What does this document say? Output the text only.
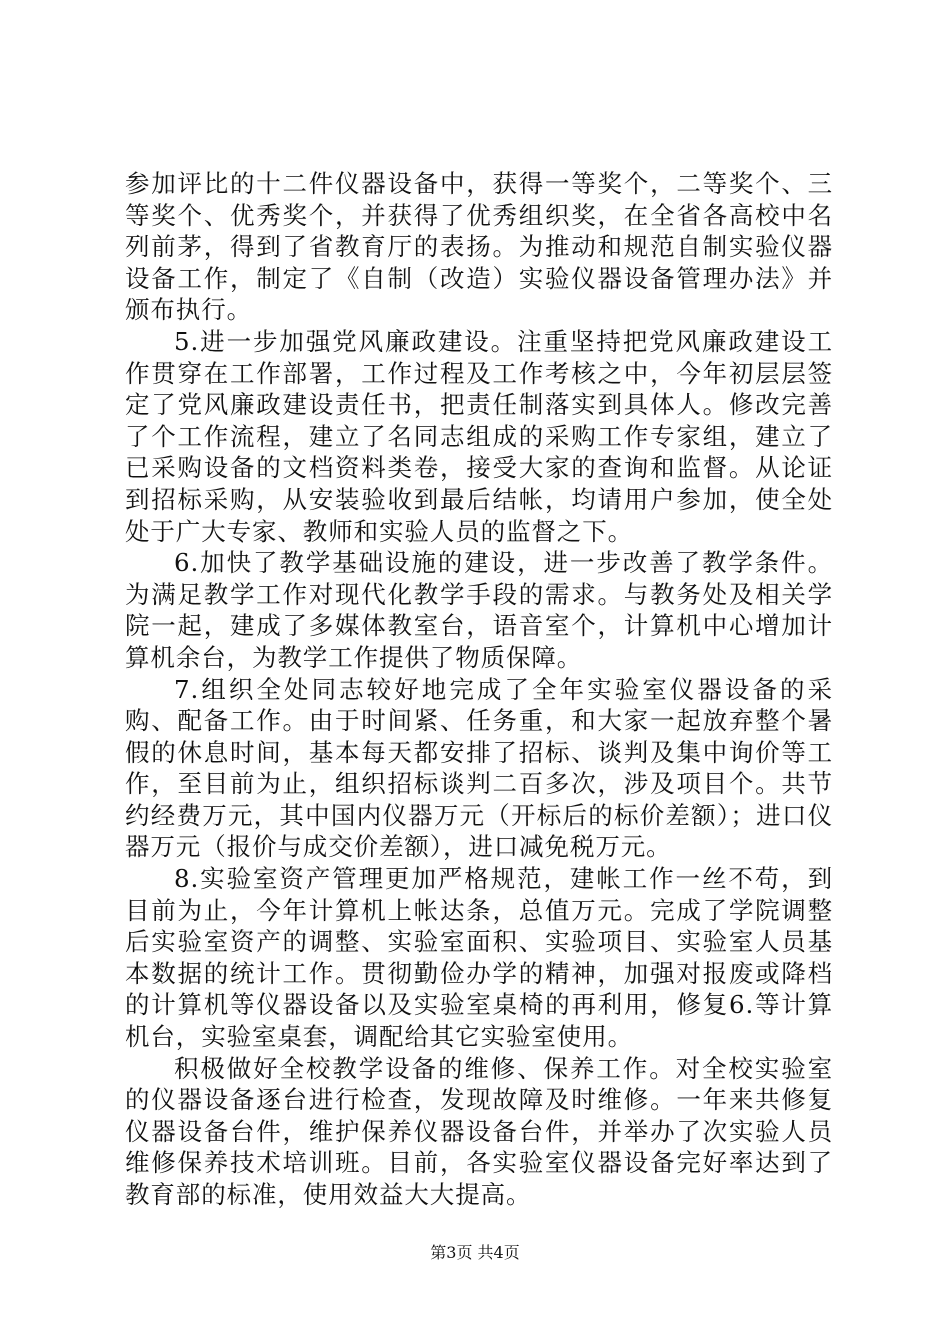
参加评比的十二件仪器设备中，获得一等奖个，二等奖个、三等奖个、优秀奖个，并获得了优秀组织奖，在全省各高校中名列前茅，得到了省教育厅的表扬。为推动和规范自制实验仪器设备工作，制定了《自制（改造）实验仪器设备管理办法》并颁布执行。

5.进一步加强党风廉政建设。注重坚持把党风廉政建设工作贯穿在工作部署，工作过程及工作考核之中，今年初层层签定了党风廉政建设责任书，把责任制落实到具体人。修改完善了个工作流程，建立了名同志组成的采购工作专家组，建立了已采购设备的文档资料类卷，接受大家的查询和监督。从论证到招标采购，从安装验收到最后结帐，均请用户参加，使全处处于广大专家、教师和实验人员的监督之下。

6.加快了教学基础设施的建设，进一步改善了教学条件。为满足教学工作对现代化教学手段的需求。与教务处及相关学院一起，建成了多媒体教室台，语音室个，计算机中心增加计算机余台，为教学工作提供了物质保障。

7.组织全处同志较好地完成了全年实验室仪器设备的采购、配备工作。由于时间紧、任务重，和大家一起放弃整个暑假的休息时间，基本每天都安排了招标、谈判及集中询价等工作，至目前为止，组织招标谈判二百多次，涉及项目个。共节约经费万元，其中国内仪器万元（开标后的标价差额）；进口仪器万元（报价与成交价差额），进口减免税万元。

8.实验室资产管理更加严格规范，建帐工作一丝不苟，到目前为止，今年计算机上帐达条，总值万元。完成了学院调整后实验室资产的调整、实验室面积、实验项目、实验室人员基本数据的统计工作。贯彻勤俭办学的精神，加强对报废或降档的计算机等仪器设备以及实验室桌椅的再利用，修复6.等计算机台，实验室桌套，调配给其它实验室使用。

积极做好全校教学设备的维修、保养工作。对全校实验室的仪器设备逐台进行检查，发现故障及时维修。一年来共修复仪器设备台件，维护保养仪器设备台件，并举办了次实验人员维修保养技术培训班。目前，各实验室仪器设备完好率达到了教育部的标准，使用效益大大提高。

第3页 共4页
